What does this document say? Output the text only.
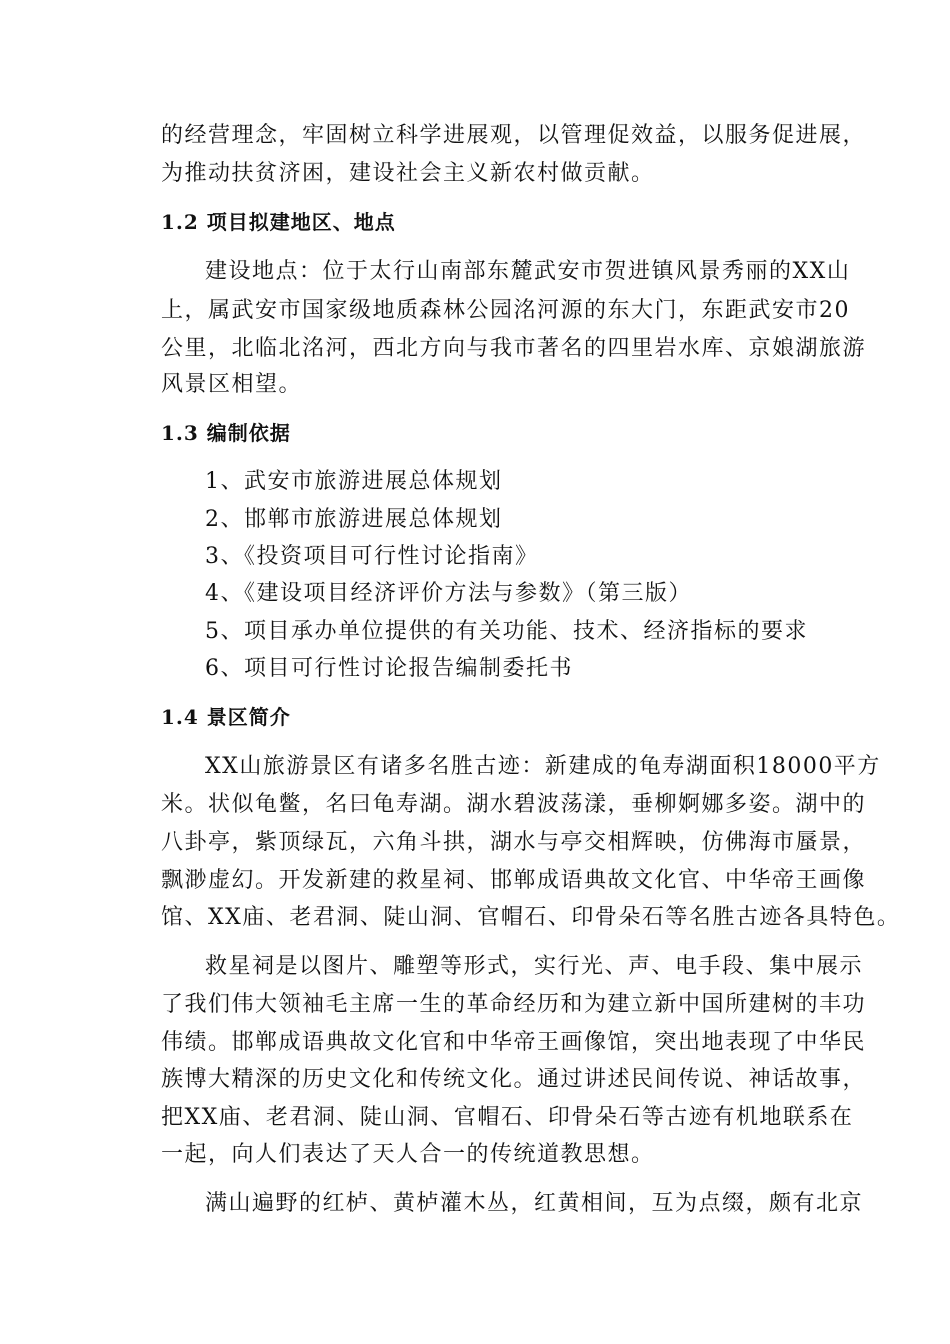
的经营理念，牢固树立科学进展观，以管理促效益，以服务促进展，
为推动扶贫济困，建设社会主义新农村做贡献。
1.2 项目拟建地区、地点
建设地点：位于太行山南部东麓武安市贺进镇风景秀丽的XX山
上，属武安市国家级地质森林公园洺河源的东大门，东距武安市20
公里，北临北洺河，西北方向与我市著名的四里岩水库、京娘湖旅游
风景区相望。
1.3 编制依据
1、武安市旅游进展总体规划
2、邯郸市旅游进展总体规划
3、《投资项目可行性讨论指南》
4、《建设项目经济评价方法与参数》（第三版）
5、项目承办单位提供的有关功能、技术、经济指标的要求
6、项目可行性讨论报告编制委托书
1.4 景区简介
XX山旅游景区有诸多名胜古迹：新建成的龟寿湖面积18000平方
米。状似龟鳖，名曰龟寿湖。湖水碧波荡漾，垂柳婀娜多姿。湖中的
八卦亭，紫顶绿瓦，六角斗拱，湖水与亭交相辉映，仿佛海市蜃景，
飘渺虚幻。开发新建的救星祠、邯郸成语典故文化官、中华帝王画像
馆、XX庙、老君洞、陡山洞、官帽石、印骨朵石等名胜古迹各具特色。
救星祠是以图片、雕塑等形式，实行光、声、电手段、集中展示
了我们伟大领袖毛主席一生的革命经历和为建立新中国所建树的丰功
伟绩。邯郸成语典故文化官和中华帝王画像馆，突出地表现了中华民
族博大精深的历史文化和传统文化。通过讲述民间传说、神话故事，
把XX庙、老君洞、陡山洞、官帽石、印骨朵石等古迹有机地联系在
一起，向人们表达了天人合一的传统道教思想。
满山遍野的红栌、黄栌灌木丛，红黄相间，互为点缀，颇有北京
